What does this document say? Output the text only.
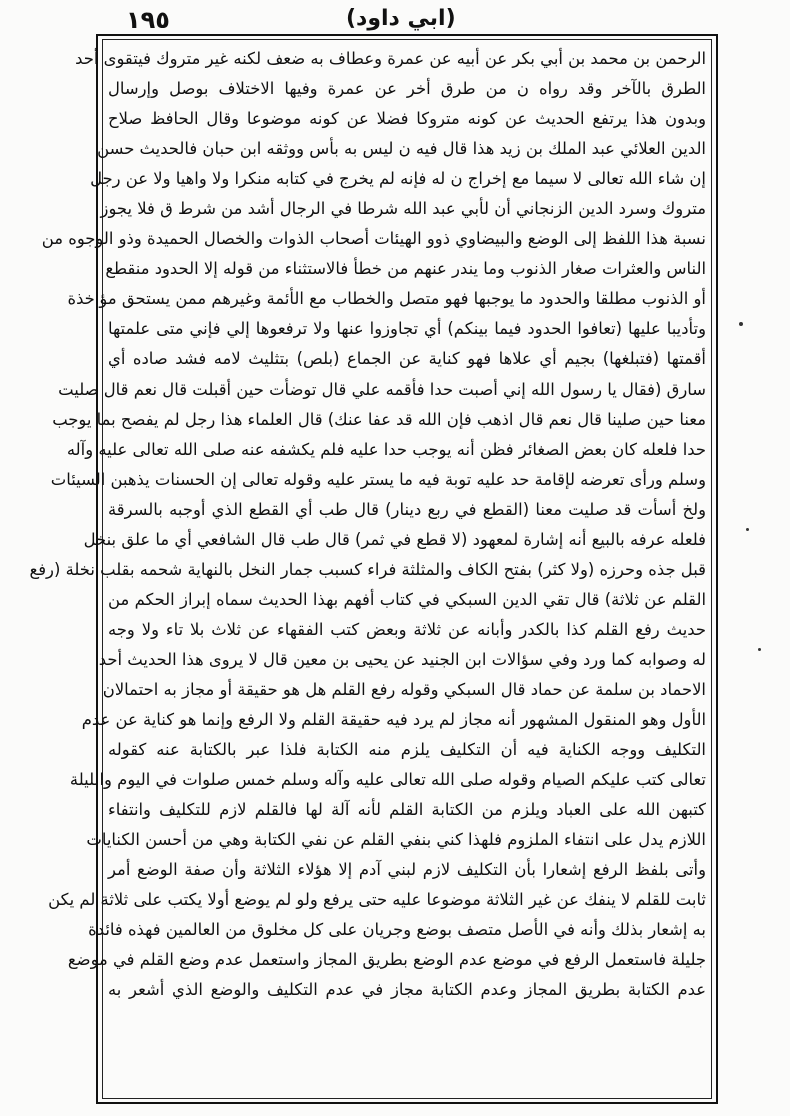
١٩٥	(ابي داود)
الرحمن بن محمد بن أبي بكر عن أبيه عن عمرة وعطاف به ضعف لكنه غير متروك فيتقوى أحد
الطرق بالآخر وقد رواه ن من طرق أخر عن عمرة وفيها الاختلاف بوصل وإرسال
وبدون هذا يرتفع الحديث عن كونه متروكا فضلا عن كونه موضوعا وقال الحافظ صلاح
الدين العلائي عبد الملك بن زيد هذا قال فيه ن ليس به بأس ووثقه ابن حبان فالحديث حسن
إن شاء الله تعالى لا سيما مع إخراج ن له فإنه لم يخرج في كتابه منكرا ولا واهيا ولا عن رجل
متروك وسرد الدين الزنجاني أن لأبي عبد الله شرطا في الرجال أشد من شرط ق فلا يجوز
نسبة هذا اللفظ إلى الوضع والبيضاوي ذوو الهيئات أصحاب الذوات والخصال الحميدة وذو الوجوه من
الناس والعثرات صغار الذنوب وما يندر عنهم من خطأ فالاستثناء من قوله إلا الحدود منقطع
أو الذنوب مطلقا والحدود ما يوجبها فهو متصل والخطاب مع الأئمة وغيرهم ممن يستحق مؤاخذة
وتأديبا عليها (تعافوا الحدود فيما بينكم) أي تجاوزوا عنها ولا ترفعوها إلي فإني متى علمتها
أقمتها (فتبلغها) بجيم أي علاها فهو كناية عن الجماع (بلص) بتثليث لامه فشد صاده أي
سارق (فقال يا رسول الله إني أصبت حدا فأقمه علي قال توضأت حين أقبلت قال نعم قال صليت
معنا حين صلينا قال نعم قال اذهب فإن الله قد عفا عنك) قال العلماء هذا رجل لم يفصح بما يوجب
حدا فلعله كان بعض الصغائر فظن أنه يوجب حدا عليه فلم يكشفه عنه صلى الله تعالى عليه وآله
وسلم ورأى تعرضه لإقامة حد عليه توبة فيه ما يستر عليه وقوله تعالى إن الحسنات يذهبن السيئات
ولخ أسأت قد صليت معنا (القطع في ربع دينار) قال طب أي القطع الذي أوجبه بالسرقة
فلعله عرفه بالبيع أنه إشارة لمعهود (لا قطع في ثمر) قال طب قال الشافعي أي ما علق بنخل
قبل جذه وحرزه (ولا كثر) بفتح الكاف والمثلثة فراء كسبب جمار النخل بالنهاية شحمه بقلب نخلة (رفع
القلم عن ثلاثة) قال تقي الدين السبكي في كتاب أفهم بهذا الحديث سماه إبراز الحكم من
حديث رفع القلم كذا بالكدر وأبانه عن ثلاثة وبعض كتب الفقهاء عن ثلاث بلا تاء ولا وجه
له وصوابه كما ورد وفي سؤالات ابن الجنيد عن يحيى بن معين قال لا يروى هذا الحديث أحد
الاحماد بن سلمة عن حماد قال السبكي وقوله رفع القلم هل هو حقيقة أو مجاز به احتمالان
الأول وهو المنقول المشهور أنه مجاز لم يرد فيه حقيقة القلم ولا الرفع وإنما هو كناية عن عدم
التكليف ووجه الكناية فيه أن التكليف يلزم منه الكتابة فلذا عبر بالكتابة عنه كقوله
تعالى كتب عليكم الصيام وقوله صلى الله تعالى عليه وآله وسلم خمس صلوات في اليوم والليلة
كتبهن الله على العباد ويلزم من الكتابة القلم لأنه آلة لها فالقلم لازم للتكليف وانتفاء
اللازم يدل على انتفاء الملزوم فلهذا كني بنفي القلم عن نفي الكتابة وهي من أحسن الكنايات
وأتى بلفظ الرفع إشعارا بأن التكليف لازم لبني آدم إلا هؤلاء الثلاثة وأن صفة الوضع أمر
ثابت للقلم لا ينفك عن غير الثلاثة موضوعا عليه حتى يرفع ولو لم يوضع أولا يكتب على ثلاثة لم يكن
به إشعار بذلك وأنه في الأصل متصف بوضع وجريان على كل مخلوق من العالمين فهذه فائدة
جليلة فاستعمل الرفع في موضع عدم الوضع بطريق المجاز واستعمل عدم وضع القلم في موضع
عدم الكتابة بطريق المجاز وعدم الكتابة مجاز في عدم التكليف والوضع الذي أشعر به
